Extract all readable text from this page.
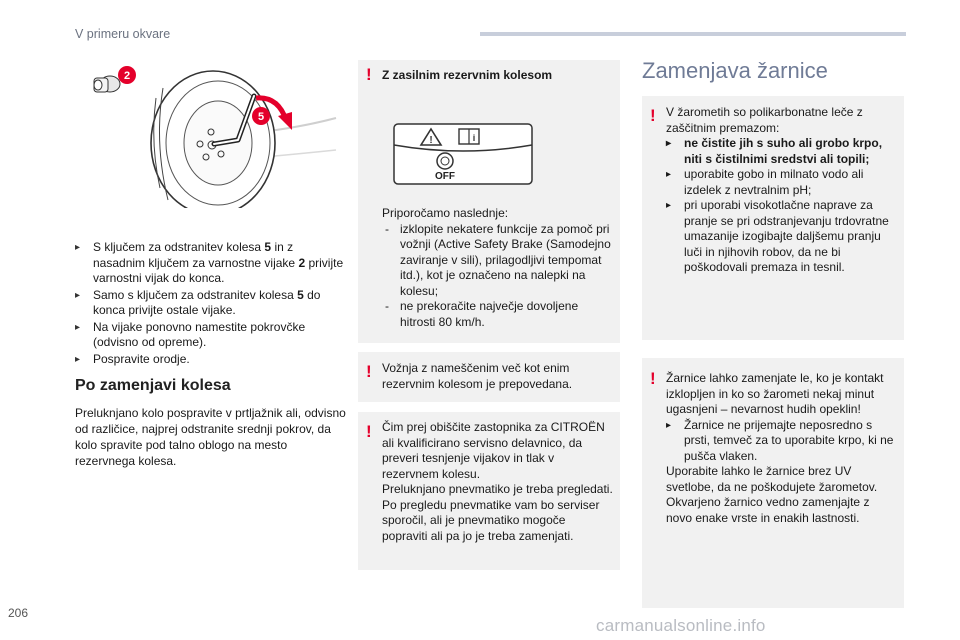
V primeru okvare
2
5
▸ S ključem za odstranitev kolesa 5 in z nasadnim ključem za varnostne vijake 2 privijte varnostni vijak do konca.
▸ Samo s ključem za odstranitev kolesa 5 do konca privijte ostale vijake.
▸ Na vijake ponovno namestite pokrovčke (odvisno od opreme).
▸ Pospravite orodje.
Po zamenjavi kolesa

Preluknjano kolo pospravite v prtljažnik ali, odvisno od različice, najprej odstranite srednji pokrov, da kolo spravite pod talno oblogo na mesto rezervnega kolesa.

! Z zasilnim rezervnim kolesom
!	i
OFF
Priporočamo naslednje:
- izklopite nekatere funkcije za pomoč pri vožnji (Active Safety Brake (Samodejno zaviranje v sili), prilagodljivi tempomat itd.), kot je označeno na nalepki na kolesu;
- ne prekoračite največje dovoljene hitrosti 80 km/h.
! Vožnja z nameščenim več kot enim rezervnim kolesom je prepovedana.
! Čim prej obiščite zastopnika za CITROËN ali kvalificirano servisno delavnico, da preveri tesnjenje vijakov in tlak v rezervnem kolesu.
Preluknjano pnevmatiko je treba pregledati. Po pregledu pnevmatike vam bo serviser sporočil, ali je pnevmatiko mogoče popraviti ali pa jo je treba zamenjati.
Zamenjava žarnice
! V žarometih so polikarbonatne leče z zaščitnim premazom:
▸ ne čistite jih s suho ali grobo krpo, niti s čistilnimi sredstvi ali topili;
▸ uporabite gobo in milnato vodo ali izdelek z nevtralnim pH;
▸ pri uporabi visokotlačne naprave za pranje se pri odstranjevanju trdovratne umazanije izogibajte daljšemu pranju luči in njihovih robov, da ne bi poškodovali premaza in tesnil.
! Žarnice lahko zamenjate le, ko je kontakt izklopljen in ko so žarometi nekaj minut ugasnjeni – nevarnost hudih opeklin!
▸ Žarnice ne prijemajte neposredno s prsti, temveč za to uporabite krpo, ki ne pušča vlaken.
Uporabite lahko le žarnice brez UV svetlobe, da ne poškodujete žarometov.
Okvarjeno žarnico vedno zamenjajte z novo enake vrste in enakih lastnosti.
206
carmanualsonline.info
